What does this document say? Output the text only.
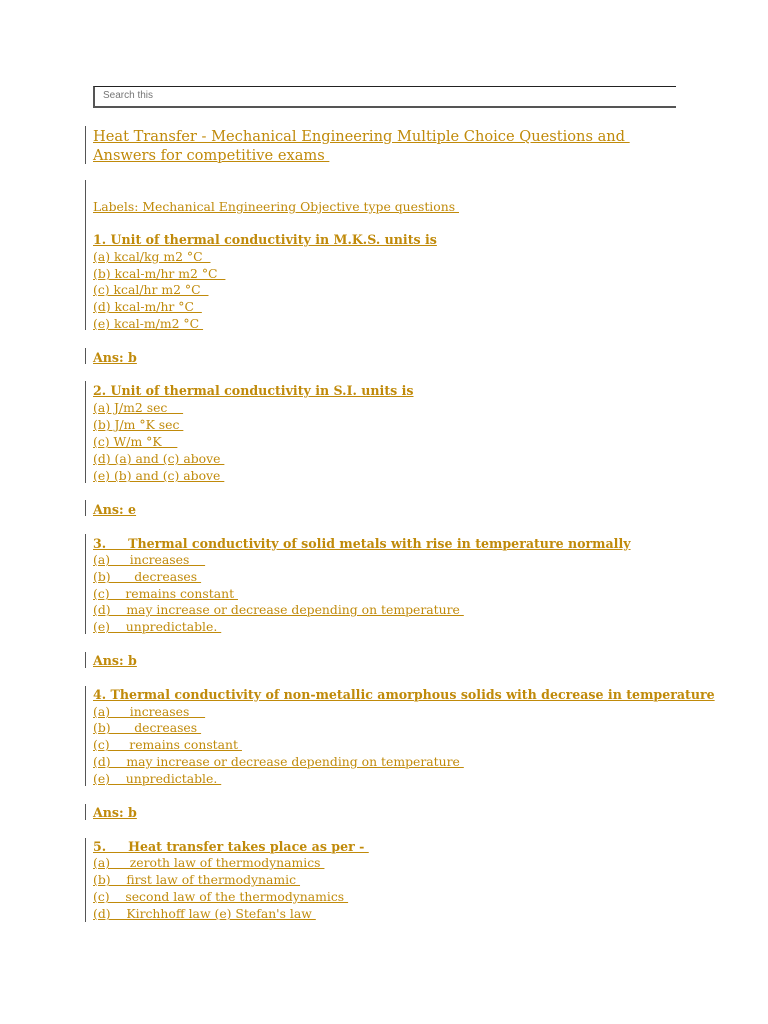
Search this
Heat Transfer - Mechanical Engineering Multiple Choice Questions and
Answers for competitive exams
Labels: Mechanical Engineering Objective type questions
1. Unit of thermal conductivity in M.K.S. units is
(a) kcal/kg m2 °C
(b) kcal-m/hr m2 °C
(c) kcal/hr m2 °C
(d) kcal-m/hr °C
(e) kcal-m/m2 °C
Ans: b
2. Unit of thermal conductivity in S.I. units is
(a) J/m2 sec
(b) J/m °K sec
(c) W/m °K
(d) (a) and (c) above
(e) (b) and (c) above
Ans: e
3.     Thermal conductivity of solid metals with rise in temperature normally
(a)     increases
(b)      decreases
(c)    remains constant
(d)    may increase or decrease depending on temperature
(e)    unpredictable.
Ans: b
4. Thermal conductivity of non-metallic amorphous solids with decrease in temperature
(a)     increases
(b)      decreases
(c)     remains constant
(d)    may increase or decrease depending on temperature
(e)    unpredictable.
Ans: b
5.     Heat transfer takes place as per -
(a)     zeroth law of thermodynamics
(b)    first law of thermodynamic
(c)    second law of the thermodynamics
(d)    Kirchhoff law (e) Stefan's law
